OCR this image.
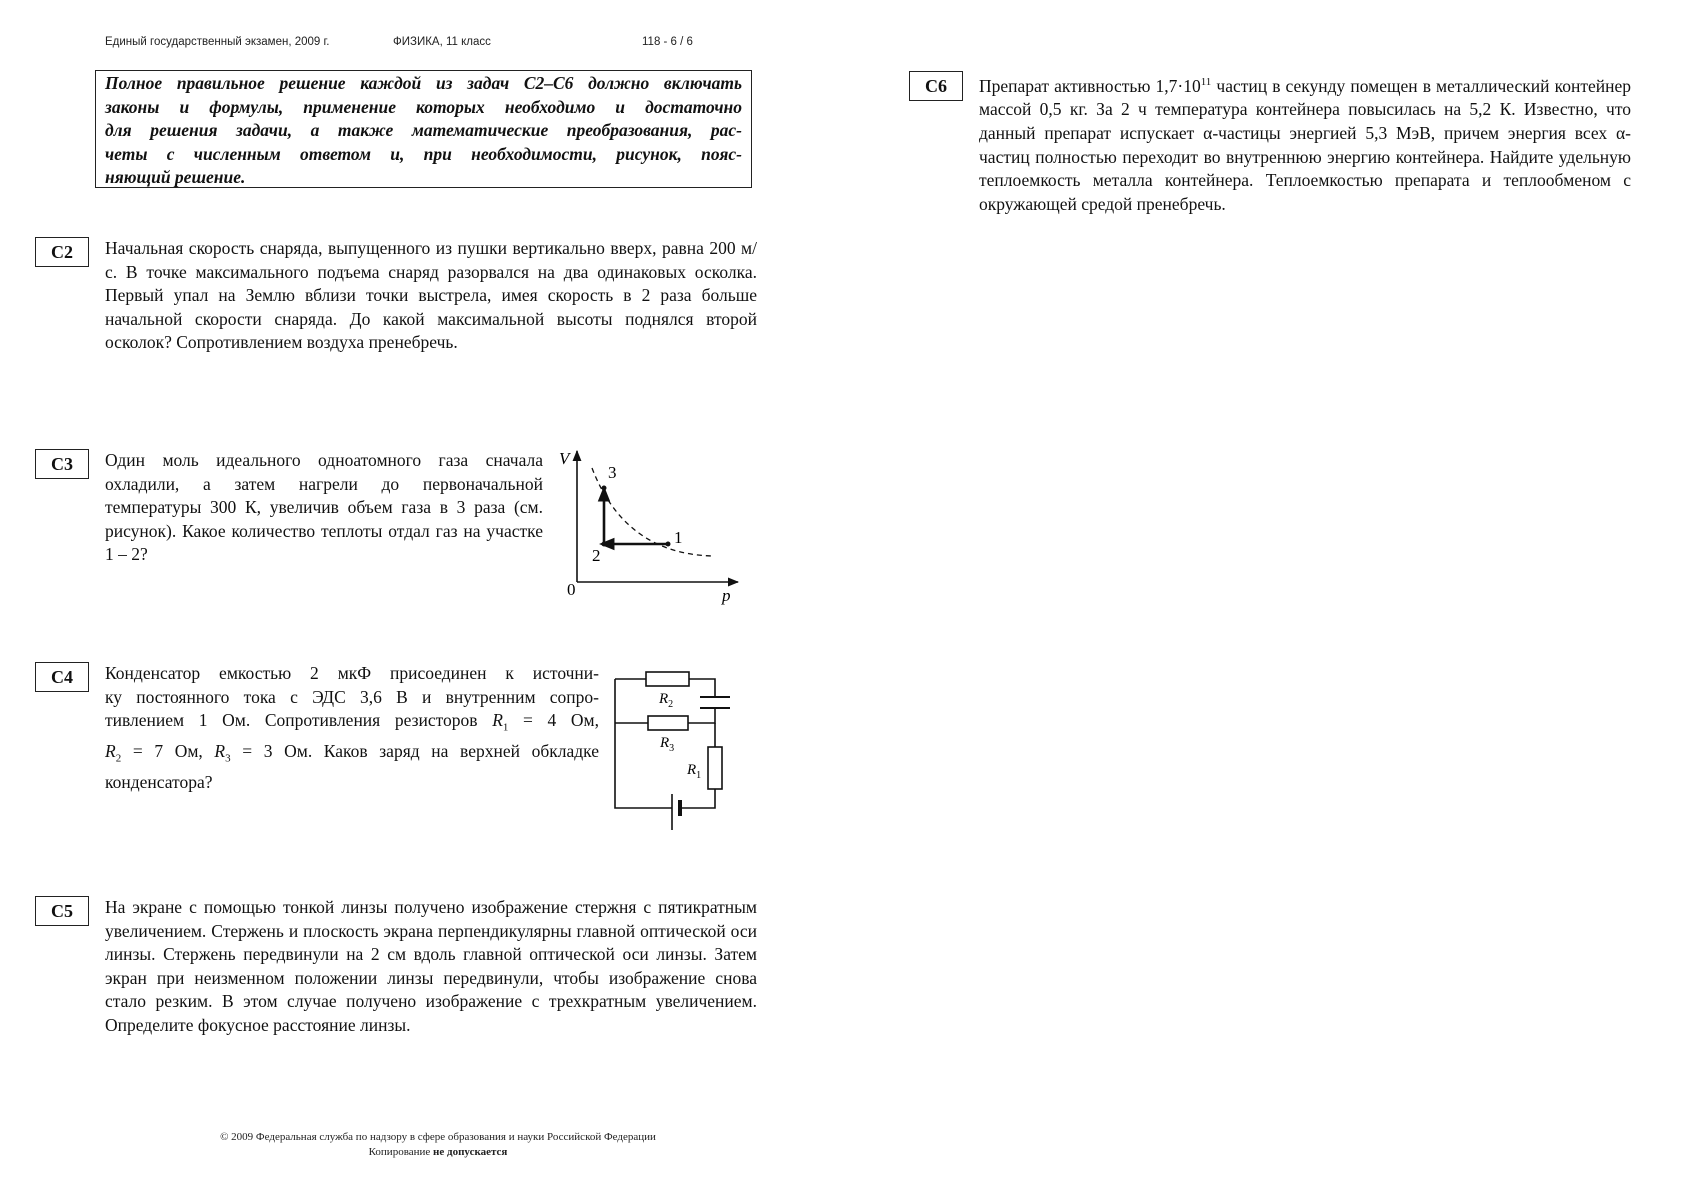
Единый государственный экзамен, 2009 г.	ФИЗИКА, 11 класс	118 - 6 / 6

Полное правильное решение каждой из задач С2–С6 должно включать

законы и формулы, применение которых необходимо и достаточно

для решения задачи, а также математические преобразования, рас-

четы с численным ответом и, при необходимости, рисунок, пояс-

няющий решение.

С2	Начальная скорость снаряда, выпущенного из пушки вертикально вверх, равна 200 м/с. В точке максимального подъема снаряд разорвался на два одинаковых осколка. Первый упал на Землю вблизи точки выстрела, имея скорость в 2 раза больше начальной скорости снаряда. До какой максимальной высоты поднялся второй осколок? Сопротивлением воздуха пренебречь.

С3	Один моль идеального одноатомного газа сначала охладили, а затем нагрели до первоначальной температуры 300 К, увеличив объем газа в 3 раза (см. рисунок). Какое количество теплоты отдал газ на участке 1 – 2?

V
p
0
1
2
3
С4	Конденсатор емкостью 2 мкФ присоединен к источни-
ку постоянного тока с ЭДС 3,6 В и внутренним сопро-
тивлением 1 Ом. Сопротивления резисторов $R_1 = 4$ Ом,
$R_2 = 7$ Ом, $R_3 = 3$ Ом. Каков заряд на верхней обкладке
конденсатора?
$R_2$
$R_3$
$R_1$
С5	На экране с помощью тонкой линзы получено изображение стержня с пятикратным увеличением. Стержень и плоскость экрана перпендикулярны главной оптической оси линзы. Стержень передвинули на 2 см вдоль главной оптической оси линзы. Затем экран при неизменном положении линзы передвинули, чтобы изображение снова стало резким. В этом случае получено изображение с трехкратным увеличением. Определите фокусное расстояние линзы.

С6	Препарат активностью $1,7\cdot 10^{11}$ частиц в секунду помещен в металлический контейнер массой 0,5 кг. За 2 ч температура контейнера повысилась на 5,2 К. Известно, что данный препарат испускает α-частицы энергией 5,3 МэВ, причем энергия всех α-частиц полностью переходит во внутреннюю энергию контейнера. Найдите удельную теплоемкость металла контейнера. Теплоемкостью препарата и теплообменом с окружающей средой пренебречь.

© 2009 Федеральная служба по надзору в сфере образования и науки Российской Федерации
Копирование не допускается
